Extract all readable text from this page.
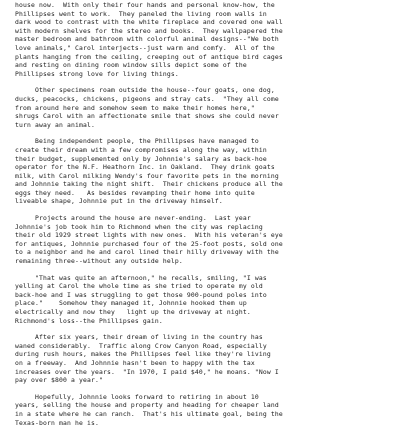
house now.  With only their four hands and personal know-how, the
Phillipses went to work.  They paneled the living room walls in
dark wood to contrast with the white fireplace and covered one wall
with modern shelves for the stereo and books.  They wallpapered the
master bedroom and bathroom with colorful animal designs--"We both
love animals," Carol interjects--just warm and comfy.  All of the
plants hanging from the ceiling, creeping out of antique bird cages
and resting on dining room window sills depict some of the
Phillipses strong love for living things.
Other specimens roam outside the house--four goats, one dog,
ducks, peacocks, chickens, pigeons and stray cats.  "They all come
from around here and somehow seem to make their homes here,"
shrugs Carol with an affectionate smile that shows she could never
turn away an animal.
Being independent people, the Phillipses have managed to
create their dream with a few compromises along the way, within
their budget, supplemented only by Johnnie's salary as back-hoe
operator for the N.F. Heathorn Inc. in Oakland.  They drink goats
milk, with Carol milking Wendy's four favorite pets in the morning
and Johnnie taking the night shift.  Their chickens produce all the
eggs they need.   As besides revamping their home into quite
liveable shape, Johnnie put in the driveway himself.
Projects around the house are never-ending.  Last year
Johnnie's job took him to Richmond when the city was replacing
their old 1929 street lights with new ones.  With his veteran's eye
for antiques, Johnnie purchased four of the 25-foot posts, sold one
to a neighbor and he and carol lined their hilly driveway with the
remaining three--without any outside help.
"That was quite an afternoon," he recalls, smiling, "I was
yelling at Carol the whole time as she tried to operate my old
back-hoe and I was struggling to get those 900-pound poles into
place."    Somehow they managed it, Johnnie hooked them up
electrically and now they   light up the driveway at night.
Richmond's loss--the Phillipses gain.
After six years, their dream of living in the country has
waned considerably.  Traffic along Crow Canyon Road, especially
during rush hours, makes the Phillipses feel like they're living
on a freeway.  And Johnnie hasn't been to happy with the tax
increases over the years.  "In 1970, I paid $40," he moans. "Now I
pay over $800 a year."
Hopefully, Johnnie looks forward to retiring in about 10
years, selling the house and property and heading for cheaper land
in a state where he can ranch.  That's his ultimate goal, being the
Texas-born man he is.
